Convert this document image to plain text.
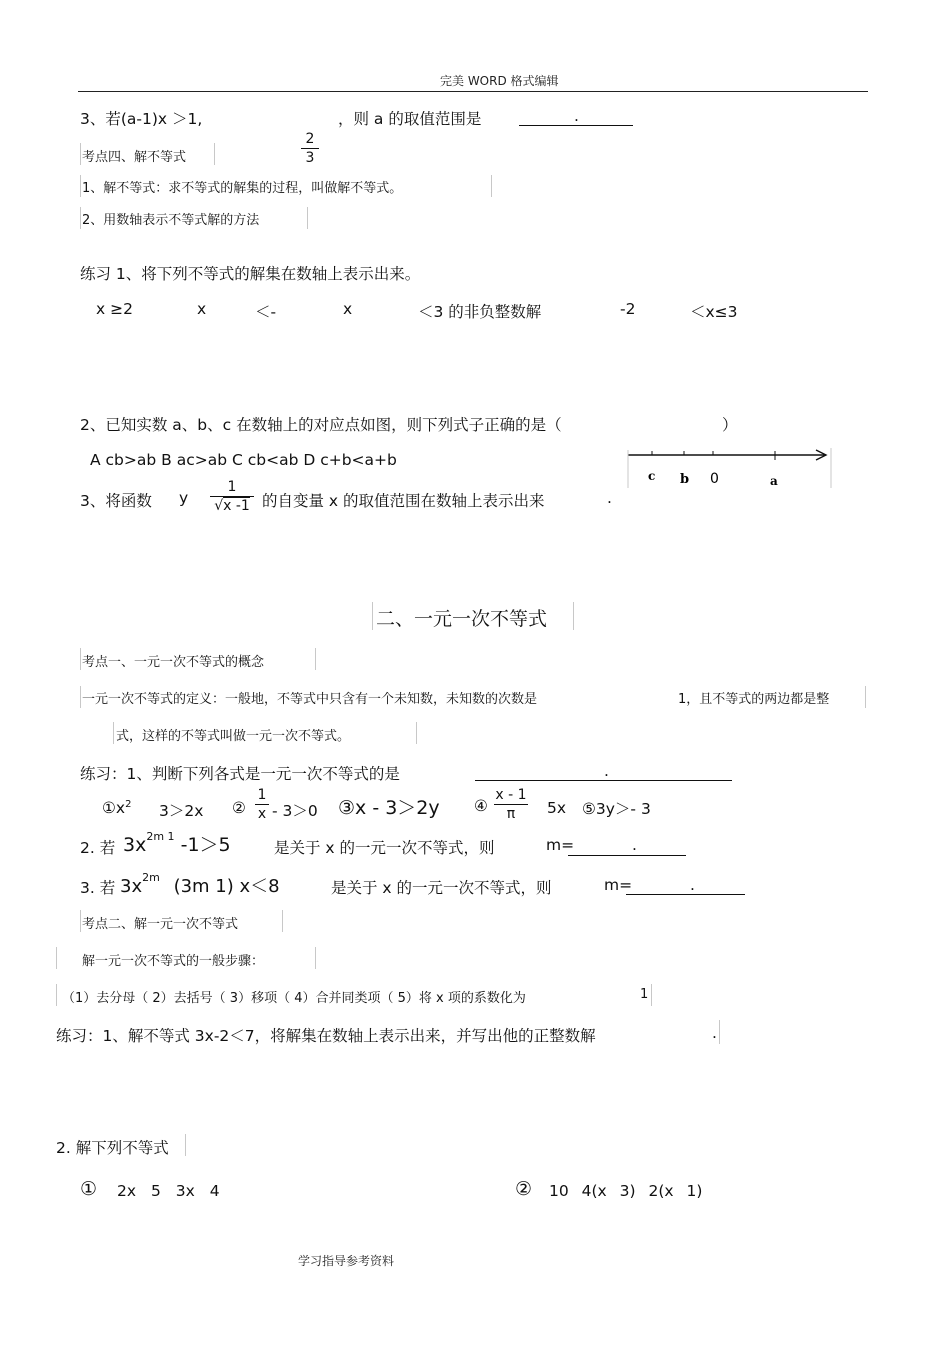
完美 WORD 格式编辑
3、若(a-1)x ＞1,	，则 a 的取值范围是	.
2
3
考点四、解不等式
1、解不等式：求不等式的解集的过程，叫做解不等式。
2、用数轴表示不等式解的方法
练习 1、将下列不等式的解集在数轴上表示出来。
x ≥2	x	＜-	x	＜3 的非负整数解	-2	＜x≤3
2、已知实数 a、b、c 在数轴上的对应点如图，则下列式子正确的是（	）
A cb>ab B ac>ab C cb<ab D c+b<a+b
c b 0	a
3、将函数 y
1
√x -1 的自变量 x 的取值范围在数轴上表示出来	.
二、一元一次不等式
考点一、一元一次不等式的概念
一元一次不等式的定义：一般地，不等式中只含有一个未知数，未知数的次数是	1，且不等式的两边都是整
式，这样的不等式叫做一元一次不等式。
练习：1、判断下列各式是一元一次不等式的是	.
$①x^2$ 3＞2x ②
1
x - 3＞0 ③x - 3＞2y ④
x - 1
π	5x ⑤3y＞- 3
2. 若 $3x^{2m 1}$ -1＞5	是关于 x 的一元一次不等式，则	m=	.
3. 若 $3x^{2m}$ (3m 1) x＜8	是关于 x 的一元一次不等式，则	m=	.
考点二、解一元一次不等式
解一元一次不等式的一般步骤：
（1）去分母（ 2）去括号（ 3）移项（ 4）合并同类项（ 5）将 x 项的系数化为	1
练习：1、解不等式 3x-2＜7，将解集在数轴上表示出来，并写出他的正整数解	.
2. 解下列不等式
① 2x 5 3x 4	② 10 4(x 3) 2(x 1)
学习指导参考资料
